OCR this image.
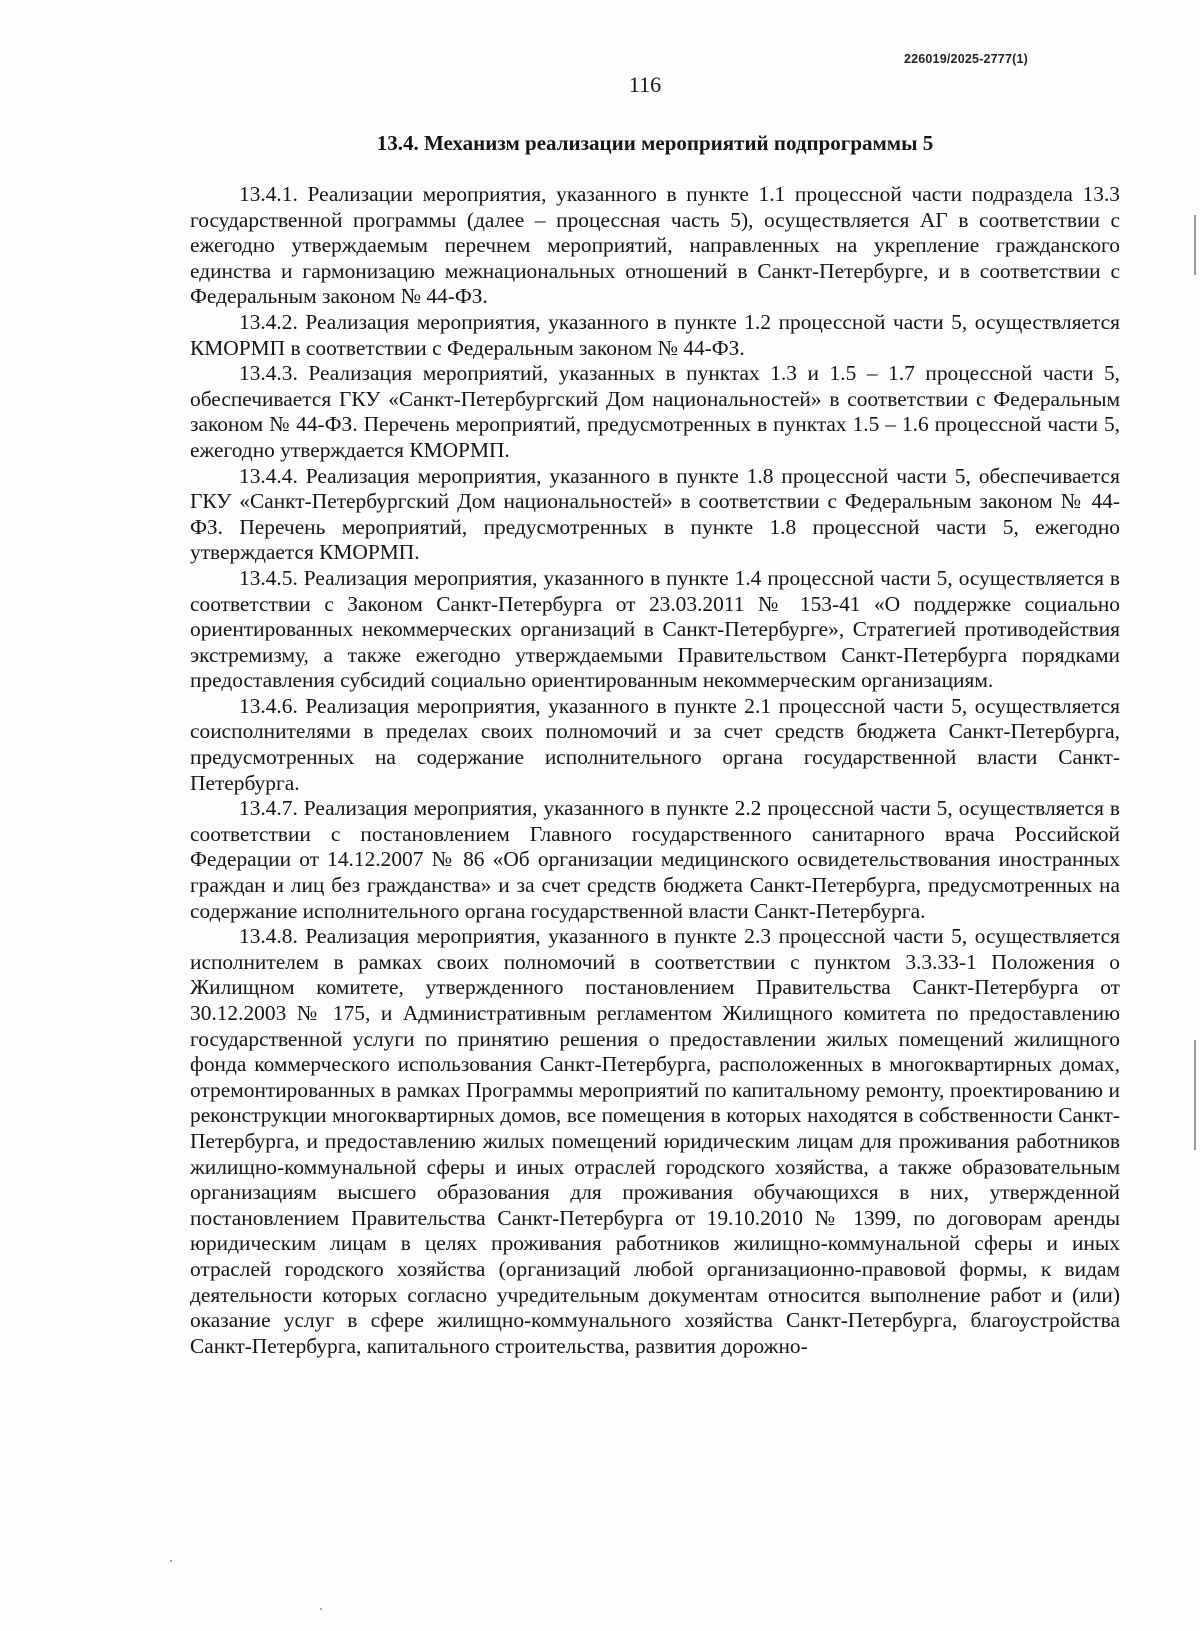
226019/2025-2777(1)
116
13.4. Механизм реализации мероприятий подпрограммы 5

13.4.1. Реализации мероприятия, указанного в пункте 1.1 процессной части подраздела 13.3 государственной программы (далее – процессная часть 5), осуществляется АГ в соответствии с ежегодно утверждаемым перечнем мероприятий, направленных на укрепление гражданского единства и гармонизацию межнациональных отношений в Санкт-Петербурге, и в соответствии с Федеральным законом № 44-ФЗ.

13.4.2. Реализация мероприятия, указанного в пункте 1.2 процессной части 5, осуществляется КМОРМП в соответствии с Федеральным законом № 44-ФЗ.

13.4.3. Реализация мероприятий, указанных в пунктах 1.3 и 1.5 – 1.7 процессной части 5, обеспечивается ГКУ «Санкт-Петербургский Дом национальностей» в соответствии с Федеральным законом № 44-ФЗ. Перечень мероприятий, предусмотренных в пунктах 1.5 – 1.6 процессной части 5, ежегодно утверждается КМОРМП.

13.4.4. Реализация мероприятия, указанного в пункте 1.8 процессной части 5, обеспечивается ГКУ «Санкт-Петербургский Дом национальностей» в соответствии с Федеральным законом № 44-ФЗ. Перечень мероприятий, предусмотренных в пункте 1.8 процессной части 5, ежегодно утверждается КМОРМП.

13.4.5. Реализация мероприятия, указанного в пункте 1.4 процессной части 5, осуществляется в соответствии с Законом Санкт-Петербурга от 23.03.2011 № 153-41 «О поддержке социально ориентированных некоммерческих организаций в Санкт-Петербурге», Стратегией противодействия экстремизму, а также ежегодно утверждаемыми Правительством Санкт-Петербурга порядками предоставления субсидий социально ориентированным некоммерческим организациям.

13.4.6. Реализация мероприятия, указанного в пункте 2.1 процессной части 5, осуществляется соисполнителями в пределах своих полномочий и за счет средств бюджета Санкт-Петербурга, предусмотренных на содержание исполнительного органа государственной власти Санкт-Петербурга.

13.4.7. Реализация мероприятия, указанного в пункте 2.2 процессной части 5, осуществляется в соответствии с постановлением Главного государственного санитарного врача Российской Федерации от 14.12.2007 № 86 «Об организации медицинского освидетельствования иностранных граждан и лиц без гражданства» и за счет средств бюджета Санкт-Петербурга, предусмотренных на содержание исполнительного органа государственной власти Санкт-Петербурга.

13.4.8. Реализация мероприятия, указанного в пункте 2.3 процессной части 5, осуществляется исполнителем в рамках своих полномочий в соответствии с пунктом 3.3.33-1 Положения о Жилищном комитете, утвержденного постановлением Правительства Санкт-Петербурга от 30.12.2003 № 175, и Административным регламентом Жилищного комитета по предоставлению государственной услуги по принятию решения о предоставлении жилых помещений жилищного фонда коммерческого использования Санкт-Петербурга, расположенных в многоквартирных домах, отремонтированных в рамках Программы мероприятий по капитальному ремонту, проектированию и реконструкции многоквартирных домов, все помещения в которых находятся в собственности Санкт-Петербурга, и предоставлению жилых помещений юридическим лицам для проживания работников жилищно-коммунальной сферы и иных отраслей городского хозяйства, а также образовательным организациям высшего образования для проживания обучающихся в них, утвержденной постановлением Правительства Санкт-Петербурга от 19.10.2010 № 1399, по договорам аренды юридическим лицам в целях проживания работников жилищно-коммунальной сферы и иных отраслей городского хозяйства (организаций любой организационно-правовой формы, к видам деятельности которых согласно учредительным документам относится выполнение работ и (или) оказание услуг в сфере жилищно-коммунального хозяйства Санкт-Петербурга, благоустройства Санкт-Петербурга, капитального строительства, развития дорожно-
